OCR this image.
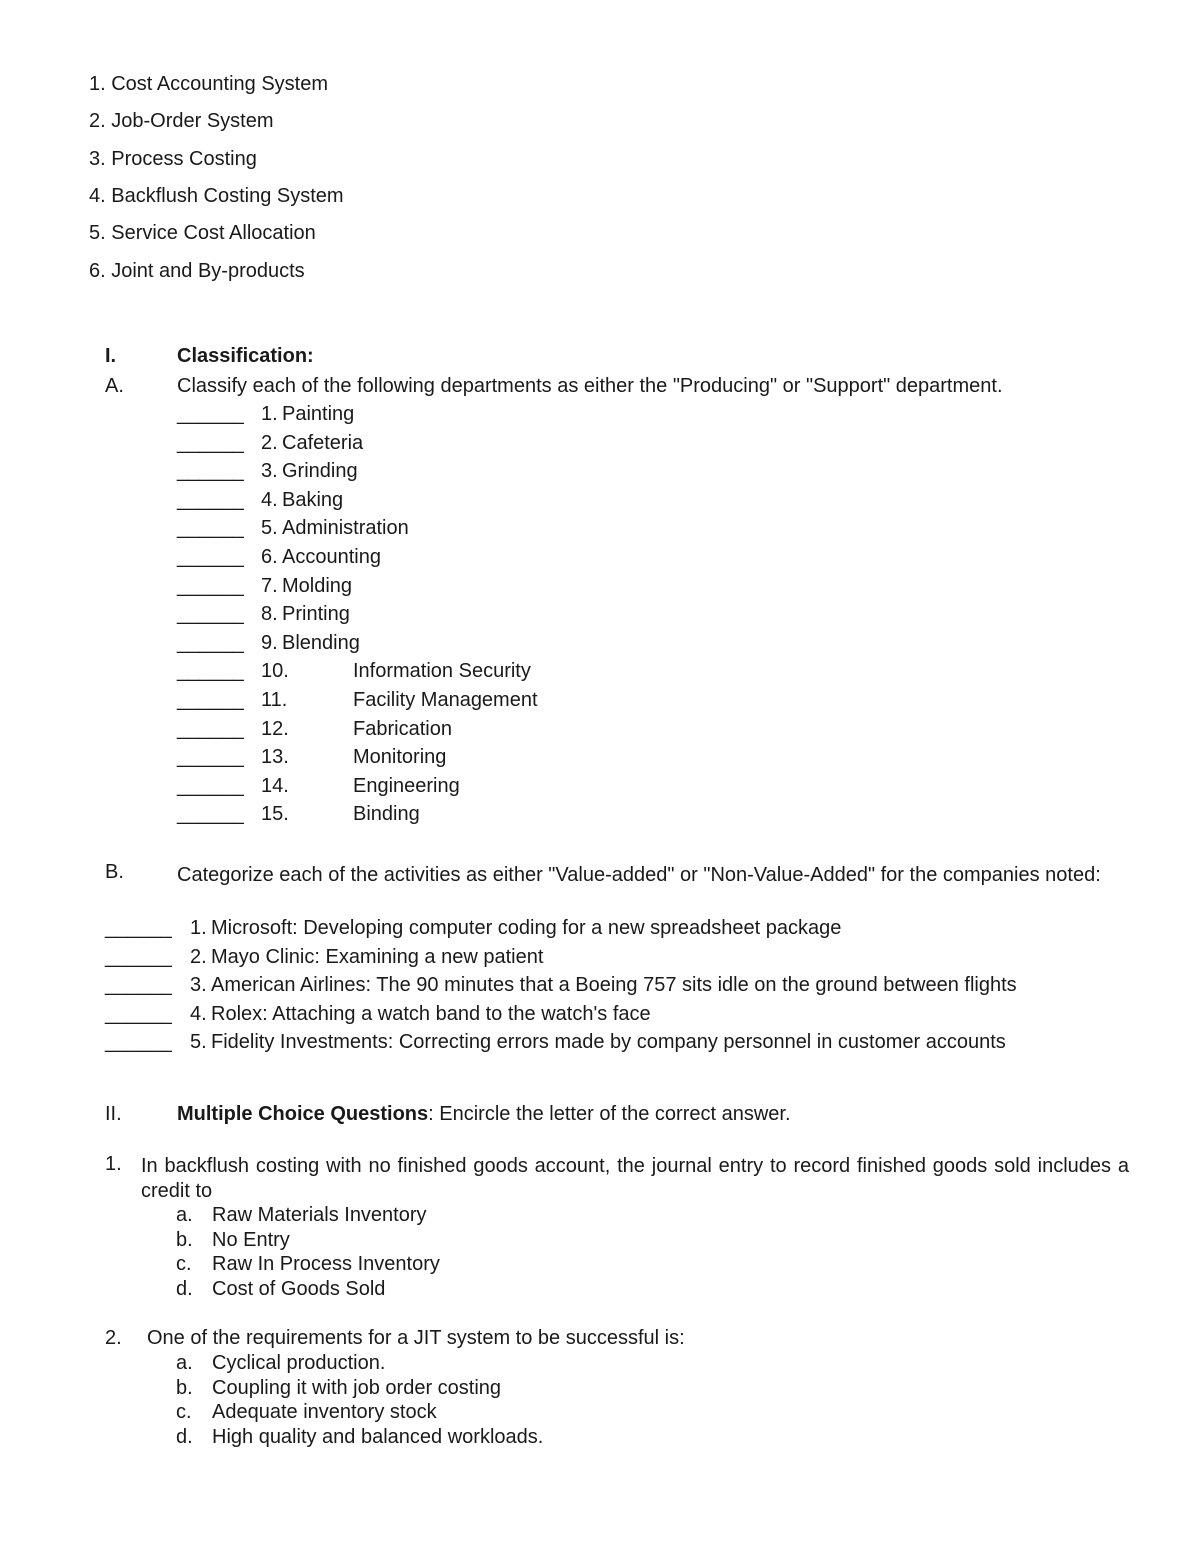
1. Cost Accounting System
2. Job-Order System
3. Process Costing
4. Backflush Costing System
5. Service Cost Allocation
6. Joint and By-products
I.	Classification:
A.	Classify each of the following departments as either the "Producing" or "Support" department.
______ 1. Painting
______ 2. Cafeteria
______ 3. Grinding
______ 4. Baking
______ 5. Administration
______ 6. Accounting
______ 7. Molding
______ 8. Printing
______ 9. Blending
______ 10.	Information Security
______ 11.	Facility Management
______ 12.	Fabrication
______ 13.	Monitoring
______ 14.	Engineering
______ 15.	Binding
B.	Categorize each of the activities as either "Value-added" or "Non-Value-Added" for the companies noted:
______ 1. Microsoft: Developing computer coding for a new spreadsheet package
______ 2. Mayo Clinic: Examining a new patient
______ 3. American Airlines: The 90 minutes that a Boeing 757 sits idle on the ground between flights
______ 4. Rolex: Attaching a watch band to the watch's face
______ 5. Fidelity Investments: Correcting errors made by company personnel in customer accounts
II.	Multiple Choice Questions: Encircle the letter of the correct answer.
1. In backflush costing with no finished goods account, the journal entry to record finished goods sold includes a credit to
a. Raw Materials Inventory
b. No Entry
c. Raw In Process Inventory
d. Cost of Goods Sold
2. One of the requirements for a JIT system to be successful is:
a. Cyclical production.
b. Coupling it with job order costing
c. Adequate inventory stock
d. High quality and balanced workloads.
